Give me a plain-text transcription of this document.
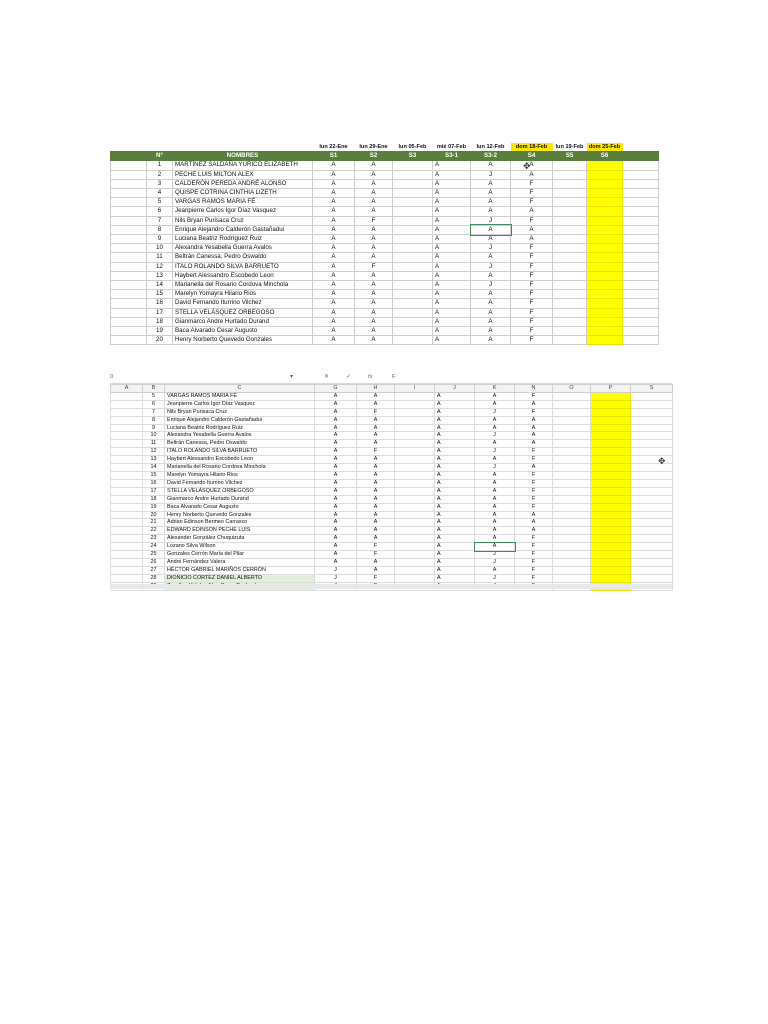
			lun 22-Ene	lun 29-Ene	lun 05-Feb	mié 07-Feb	lun 12-Feb	dom 18-Feb	lun 19-Feb	dom 25-Feb	
	N°	NOMBRES	S1	S2	S3	S3-1	S3-2	S4	S5	S6	
	1	MARTÍNEZ SALDAÑA YURICO ELIZABETH	A	A		A	A	A			
	2	PECHE LUIS MILTON ALEX	A	A		A	J	A			
	3	CALDERÓN PEREDA ANDRÉ ALONSO	A	A		A	A	F			
	4	QUISPE COTRINA CINTHIA LIZETH	A	A		A	A	F			
	5	VARGAS RAMOS MARIA FÉ	A	A		A	A	F			
	6	Jeanpierre Carlos Igor Díaz Vasquez	A	A		A	A	A			
	7	Nils Bryan Purisaca Cruz	A	F		A	J	F			
	8	Enrique Alejandro Calderón Gastañadui	A	A		A	A	A			
	9	Luciana Beatriz Rodríguez Ruiz	A	A		A	A	A			
	10	Alexandra Yesabella Guerra Avalos	A	A		A	J	F			
	11	Beltrán Canessa, Pedro Oswaldo	A	A		A	A	F			
	12	ITALO ROLANDO SILVA BARRUETO	A	F		A	J	F			
	13	Haybert Alessandro Escobedo Leon	A	A		A	A	F			
	14	Marianella del Rosario Cordova Minchola	A	A		A	J	F			
	15	Marelyn Yomayra Hilario Rios	A	A		A	A	F			
	16	David Fernando Iturrino Vilchez	A	A		A	A	F			
	17	STELLA VELÁSQUEZ ORBEGOSO	A	A		A	A	F			
	18	Gianmarco Andre Hurtado Durand	A	A		A	A	F			
	19	Baca Alvarado Cesar Augusto	A	A		A	A	F			
	20	Henry Norberto Quevedo Gonzales	A	A		A	A	F			
✥
0	▾	✕	✓	fx	F
A	B	C	G	H	I	J	K	N	O	P	S
	5	VARGAS RAMOS MARIA FÉ	A	A		A	A	F			
	6	Jeanpierre Carlos Igor Díaz Vasquez	A	A		A	A	A			
	7	Nils Bryan Purisaca Cruz	A	F		A	J	F			
	8	Enrique Alejandro Calderón Gastañadui	A	A		A	A	A			
	9	Luciana Beatriz Rodríguez Ruiz	A	A		A	A	A			
	10	Alexandra Yesabella Guerra Avalos	A	A		A	J	A			
	11	Beltrán Canessa, Pedro Oswaldo	A	A		A	A	A			
	12	ITALO ROLANDO SILVA BARRUETO	A	F		A	J	F			
	13	Haybert Alessandro Escobedo Leon	A	A		A	A	F			
	14	Marianella del Rosario Cordova Minchola	A	A		A	J	A			
	15	Marelyn Yomayra Hilario Rios	A	A		A	A	F			
	16	David Fernando Iturrino Vilchez	A	A		A	A	F			
	17	STELLA VELÁSQUEZ ORBEGOSO	A	A		A	A	F			
	18	Gianmarco Andre Hurtado Durand	A	A		A	A	F			
	19	Baca Alvarado Cesar Augusto	A	A		A	A	F			
	20	Henry Norberto Quevedo Gonzales	A	A		A	A	A			
	21	Adrian Edinson Bermeo Carrasco	A	A		A	A	A			
	22	EDWARD EDINSON PECHE LUIS	A	A		A	A	A			
	23	Alexander González Chuquizuta	A	A		A	A	F			
	24	Lozano Silva Wilson	A	F		A	A	F			
	25	Gonzales Cerrón María del Pilar	A	F		A	J	F			
	26	André Fernández Valera	A	A		A	J	F			
	27	HÉCTOR GABRIEL MARIÑOS CERRÓN	J	A		A	A	F			
	28	DIONICIO CORTEZ DANIEL ALBERTO	J	F		A	J	F			

✥
